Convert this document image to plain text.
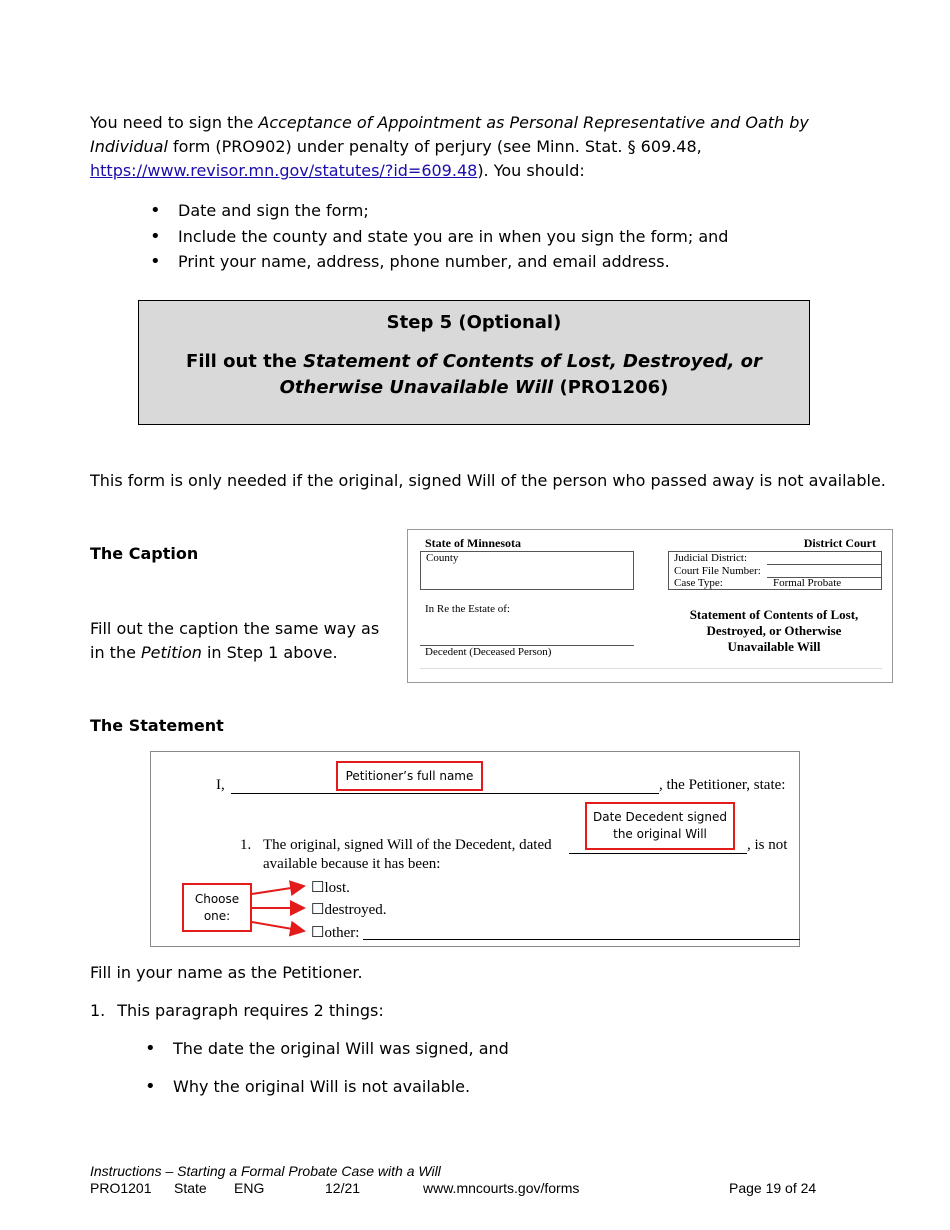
You need to sign the Acceptance of Appointment as Personal Representative and Oath by Individual form (PRO902) under penalty of perjury (see Minn. Stat. § 609.48,
https://www.revisor.mn.gov/statutes/?id=609.48). You should:
• Date and sign the form;
• Include the county and state you are in when you sign the form; and
• Print your name, address, phone number, and email address.
Step 5 (Optional)
Fill out the Statement of Contents of Lost, Destroyed, or Otherwise Unavailable Will (PRO1206)
This form is only needed if the original, signed Will of the person who passed away is not available.
The Caption
Fill out the caption the same way as in the Petition in Step 1 above.
State of Minnesota	District Court
County	Judicial District:
Court File Number:
Case Type:	Formal Probate
In Re the Estate of:
Decedent (Deceased Person)
Statement of Contents of Lost, Destroyed, or Otherwise Unavailable Will
The Statement
I,	, the Petitioner, state:
1. The original, signed Will of the Decedent, dated	, is not
available because it has been:
☐lost.
☐destroyed.
☐other:
Petitioner’s full name
Date Decedent signed the original Will
Choose one:
Fill in your name as the Petitioner.
1. This paragraph requires 2 things:
• The date the original Will was signed, and
• Why the original Will is not available.
Instructions – Starting a Formal Probate Case with a Will
PRO1201 State ENG	12/21	www.mncourts.gov/forms	Page 19 of 24
